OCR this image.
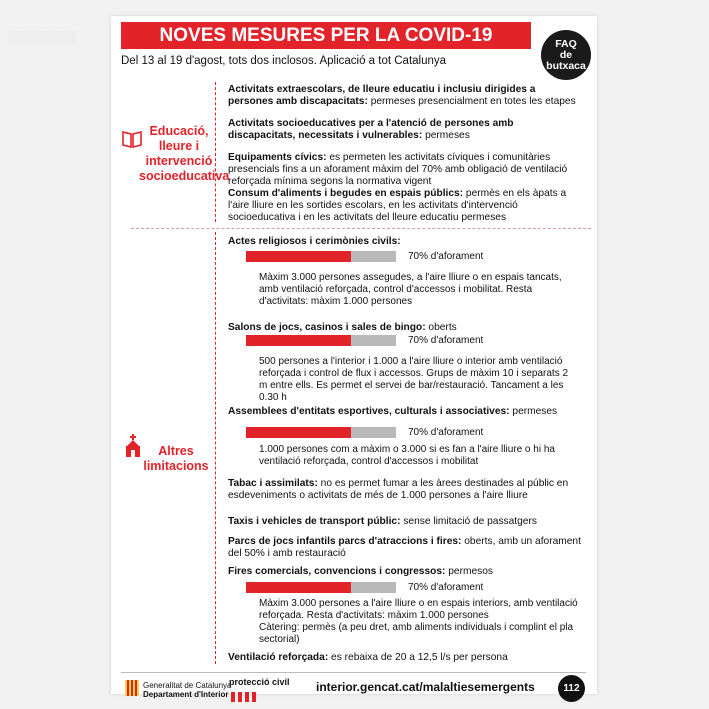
▒▒▒▒▒▒▒▒	NOVES MESURES PER LA COVID-19
Del 13 al 19 d'agost, tots dos inclosos. Aplicació a tot Catalunya
FAQ
de
butxaca
Educació,
lleure i
intervenció
socioeducativa
Activitats extraescolars, de lleure educatiu i inclusiu dirigides a persones amb discapacitats: permeses presencialment en totes les etapes
Activitats socioeducatives per a l'atenció de persones amb discapacitats, necessitats i vulnerables: permeses
Equipaments cívics: es permeten les activitats cíviques i comunitàries presencials fins a un aforament màxim del 70% amb obligació de ventilació reforçada mínima segons la normativa vigent
Consum d'aliments i begudes en espais públics: permès en els àpats a l'aire lliure en les sortides escolars, en les activitats d'intervenció socioeducativa i en les activitats del lleure educatiu permeses
Altres
limitacions
Actes religiosos i cerimònies civils:
70% d'aforament
Màxim 3.000 persones assegudes, a l'aire lliure o en espais tancats, amb ventilació reforçada, control d'accessos i mobilitat. Resta d'activitats: màxim 1.000 persones
Salons de jocs, casinos i sales de bingo: oberts
70% d'aforament
500 persones a l'interior i 1.000 a l'aire lliure o interior amb ventilació reforçada i control de flux i accessos. Grups de màxim 10 i separats 2 m entre ells. Es permet el servei de bar/restauració. Tancament a les 0.30 h
Assemblees d'entitats esportives, culturals i associatives: permeses
70% d'aforament
1.000 persones com a màxim o 3.000 si es fan a l'aire lliure o hi ha ventilació reforçada, control d'accessos i mobilitat
Tabac i assimilats: no es permet fumar a les àrees destinades al públic en esdeveniments o activitats de més de 1.000 persones a l'aire lliure
Taxis i vehicles de transport públic: sense limitació de passatgers
Parcs de jocs infantils parcs d'atraccions i fires: oberts, amb un aforament del 50% i amb restauració
Fires comercials, convencions i congressos: permesos
70% d'aforament
Màxim 3.000 persones a l'aire lliure o en espais interiors, amb ventilació reforçada. Resta d'activitats: màxim 1.000 persones
Càtering: permès (a peu dret, amb aliments individuals i complint el pla sectorial)
Ventilació reforçada: es rebaixa de 20 a 12,5 l/s per persona
Generalitat de Catalunya
Departament d'Interior
protecció civil interior.gencat.cat/malaltiesemergents	112
